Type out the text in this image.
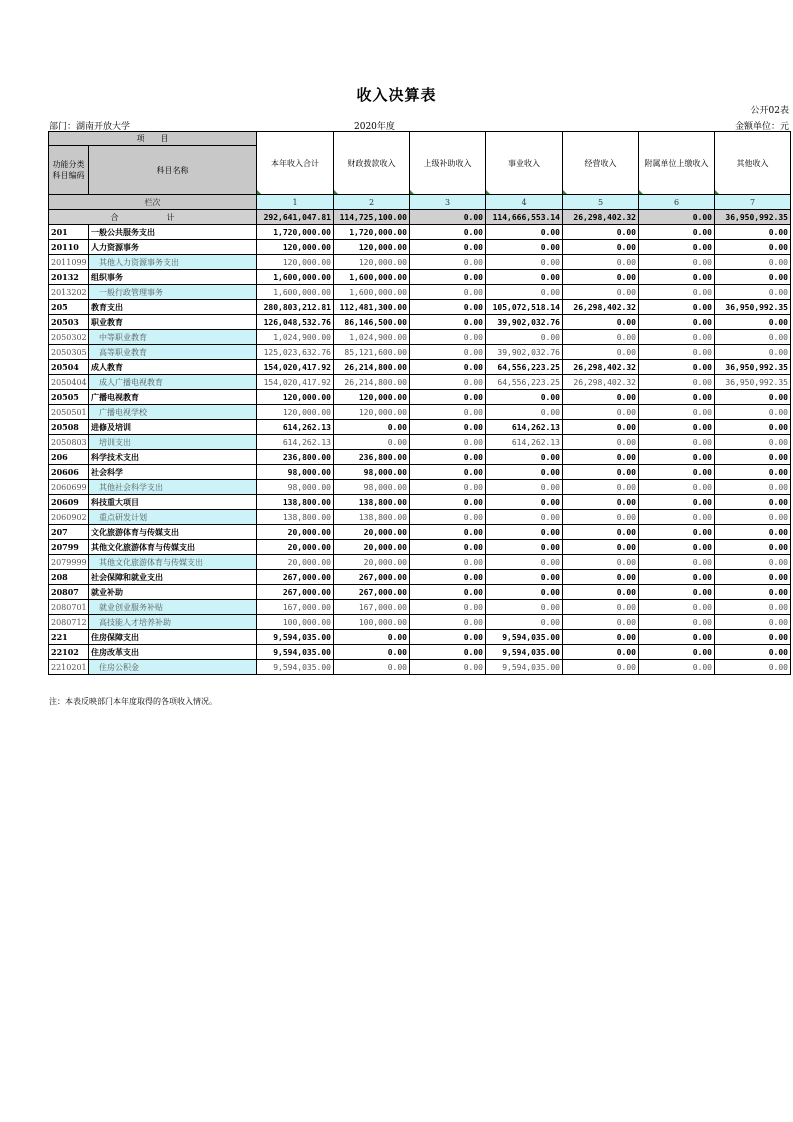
收入决算表
公开02表
部门：湖南开放大学	2020年度	金额单位：元
项　　目		本年收入合计	财政拨款收入	上级补助收入	事业收入	经营收入	附属单位上缴收入	其他收入
功能分类
科目编码	科目名称							
栏次		1	2	3	4	5	6	7
合　计		292,641,047.81	114,725,100.00	0.00	114,666,553.14	26,298,402.32	0.00	36,950,992.35
201	一般公共服务支出	1,720,000.00	1,720,000.00	0.00	0.00	0.00	0.00	0.00
20110	人力资源事务	120,000.00	120,000.00	0.00	0.00	0.00	0.00	0.00
2011099	其他人力资源事务支出	120,000.00	120,000.00	0.00	0.00	0.00	0.00	0.00
20132	组织事务	1,600,000.00	1,600,000.00	0.00	0.00	0.00	0.00	0.00
2013202	一般行政管理事务	1,600,000.00	1,600,000.00	0.00	0.00	0.00	0.00	0.00
205	教育支出	280,803,212.81	112,481,300.00	0.00	105,072,518.14	26,298,402.32	0.00	36,950,992.35
20503	职业教育	126,048,532.76	86,146,500.00	0.00	39,902,032.76	0.00	0.00	0.00
2050302	中等职业教育	1,024,900.00	1,024,900.00	0.00	0.00	0.00	0.00	0.00
2050305	高等职业教育	125,023,632.76	85,121,600.00	0.00	39,902,032.76	0.00	0.00	0.00
20504	成人教育	154,020,417.92	26,214,800.00	0.00	64,556,223.25	26,298,402.32	0.00	36,950,992.35
2050404	成人广播电视教育	154,020,417.92	26,214,800.00	0.00	64,556,223.25	26,298,402.32	0.00	36,950,992.35
20505	广播电视教育	120,000.00	120,000.00	0.00	0.00	0.00	0.00	0.00
2050501	广播电视学校	120,000.00	120,000.00	0.00	0.00	0.00	0.00	0.00
20508	进修及培训	614,262.13	0.00	0.00	614,262.13	0.00	0.00	0.00
2050803	培训支出	614,262.13	0.00	0.00	614,262.13	0.00	0.00	0.00
206	科学技术支出	236,800.00	236,800.00	0.00	0.00	0.00	0.00	0.00
20606	社会科学	98,000.00	98,000.00	0.00	0.00	0.00	0.00	0.00
2060699	其他社会科学支出	98,000.00	98,000.00	0.00	0.00	0.00	0.00	0.00
20609	科技重大项目	138,800.00	138,800.00	0.00	0.00	0.00	0.00	0.00
2060902	重点研发计划	138,800.00	138,800.00	0.00	0.00	0.00	0.00	0.00
207	文化旅游体育与传媒支出	20,000.00	20,000.00	0.00	0.00	0.00	0.00	0.00
20799	其他文化旅游体育与传媒支出	20,000.00	20,000.00	0.00	0.00	0.00	0.00	0.00
2079999	其他文化旅游体育与传媒支出	20,000.00	20,000.00	0.00	0.00	0.00	0.00	0.00
208	社会保障和就业支出	267,000.00	267,000.00	0.00	0.00	0.00	0.00	0.00
20807	就业补助	267,000.00	267,000.00	0.00	0.00	0.00	0.00	0.00
2080701	就业创业服务补贴	167,000.00	167,000.00	0.00	0.00	0.00	0.00	0.00
2080712	高技能人才培养补助	100,000.00	100,000.00	0.00	0.00	0.00	0.00	0.00
221	住房保障支出	9,594,035.00	0.00	0.00	9,594,035.00	0.00	0.00	0.00
22102	住房改革支出	9,594,035.00	0.00	0.00	9,594,035.00	0.00	0.00	0.00
2210201	住房公积金	9,594,035.00	0.00	0.00	9,594,035.00	0.00	0.00	0.00
注：本表反映部门本年度取得的各项收入情况。
